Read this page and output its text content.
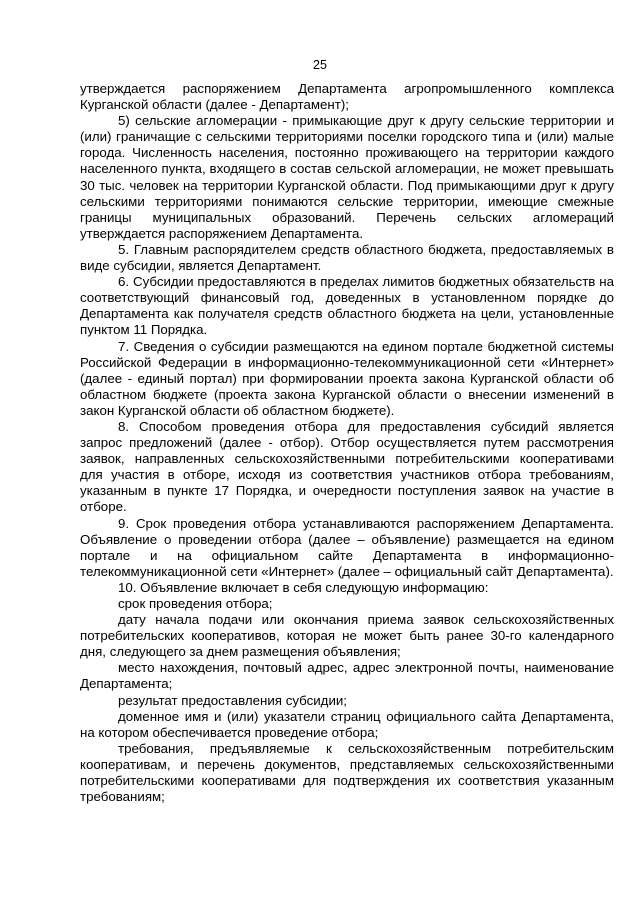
25

утверждается распоряжением Департамента агропромышленного комплекса Курганской области (далее - Департамент);

5) сельские агломерации - примыкающие друг к другу сельские территории и (или) граничащие с сельскими территориями поселки городского типа и (или) малые города. Численность населения, постоянно проживающего на территории каждого населенного пункта, входящего в состав сельской агломерации, не может превышать 30 тыс. человек на территории Курганской области. Под примыкающими друг к другу сельскими территориями понимаются сельские территории, имеющие смежные границы муниципальных образований. Перечень сельских агломераций утверждается распоряжением Департамента.

5. Главным распорядителем средств областного бюджета, предоставляемых в виде субсидии, является Департамент.

6. Субсидии предоставляются в пределах лимитов бюджетных обязательств на соответствующий финансовый год, доведенных в установленном порядке до Департамента как получателя средств областного бюджета на цели, установленные пунктом 11 Порядка.

7. Сведения о субсидии размещаются на едином портале бюджетной системы Российской Федерации в информационно-телекоммуникационной сети «Интернет» (далее - единый портал) при формировании проекта закона Курганской области об областном бюджете (проекта закона Курганской области о внесении изменений в закон Курганской области об областном бюджете).

8. Способом проведения отбора для предоставления субсидий является запрос предложений (далее - отбор). Отбор осуществляется путем рассмотрения заявок, направленных сельскохозяйственными потребительскими кооперативами для участия в отборе, исходя из соответствия участников отбора требованиям, указанным в пункте 17 Порядка, и очередности поступления заявок на участие в отборе.

9. Срок проведения отбора устанавливаются распоряжением Департамента. Объявление о проведении отбора (далее – объявление) размещается на едином портале и на официальном сайте Департамента в информационно-телекоммуникационной сети «Интернет» (далее – официальный сайт Департамента).

10. Объявление включает в себя следующую информацию:

срок проведения отбора;

дату начала подачи или окончания приема заявок сельскохозяйственных потребительских кооперативов, которая не может быть ранее 30-го календарного дня, следующего за днем размещения объявления;

место нахождения, почтовый адрес, адрес электронной почты, наименование Департамента;

результат предоставления субсидии;

доменное имя и (или) указатели страниц официального сайта Департамента, на котором обеспечивается проведение отбора;

требования, предъявляемые к сельскохозяйственным потребительским кооперативам, и перечень документов, представляемых сельскохозяйственными потребительскими кооперативами для подтверждения их соответствия указанным требованиям;
